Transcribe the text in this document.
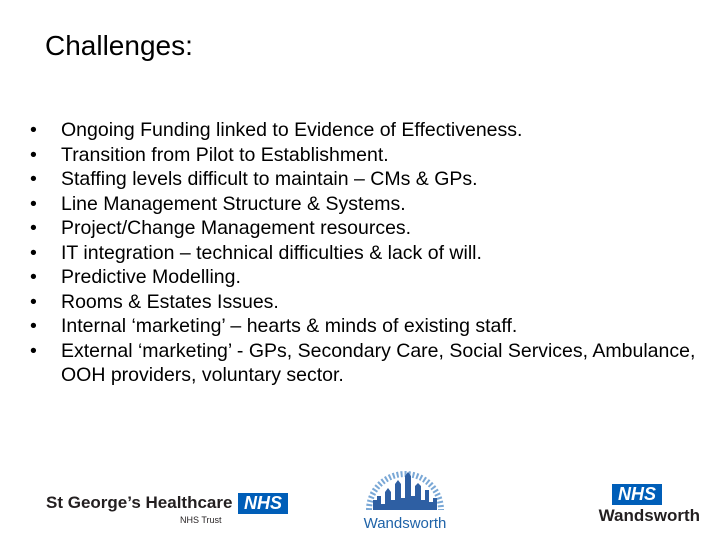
Challenges:
• Ongoing Funding linked to Evidence of Effectiveness.
• Transition from Pilot to Establishment.
• Staffing levels difficult to maintain – CMs & GPs.
• Line Management Structure & Systems.
• Project/Change Management resources.
• IT integration – technical difficulties & lack of will.
• Predictive Modelling.
• Rooms & Estates Issues.
• Internal ‘marketing’ – hearts & minds of existing staff.
• External ‘marketing’ - GPs, Secondary Care, Social Services, Ambulance, OOH providers, voluntary sector.
St George’s Healthcare NHS
NHS Trust	Wandsworth
NHS
Wandsworth
